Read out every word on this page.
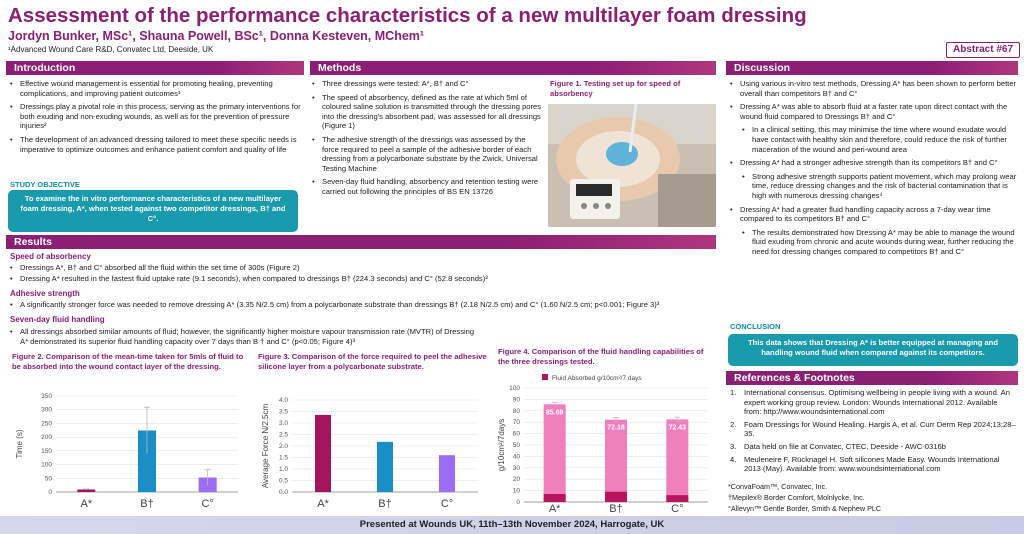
Assessment of the performance characteristics of a new multilayer foam dressing
Jordyn Bunker, MSc¹, Shauna Powell, BSc¹, Donna Kesteven, MChem¹
¹Advanced Wound Care R&D, Convatec Ltd, Deeside, UK	Abstract #67
Introduction
• Effective wound management is essential for promoting healing, preventing complications, and improving patient outcomes¹
• Dressings play a pivotal role in this process, serving as the primary interventions for both exuding and non-exuding wounds, as well as for the prevention of pressure injuries²
• The development of an advanced dressing tailored to meet these specific needs is imperative to optimize outcomes and enhance patient comfort and quality of life
STUDY OBJECTIVE
To examine the in vitro performance characteristics of a new multilayer foam dressing, A*, when tested against two competitor dressings, B† and C°.
Methods
• Three dressings were tested: A*, B† and C°
• The speed of absorbency, defined as the rate at which 5ml of coloured saline solution is transmitted through the dressing pores into the dressing's absorbent pad, was assessed for all dressings (Figure 1)
• The adhesive strength of the dressings was assessed by the force required to peel a sample of the adhesive border of each dressing from a polycarbonate substrate by the Zwick, Universal Testing Machine
• Seven-day fluid handling, absorbency and retention testing were carried out following the principles of BS EN 13726
Figure 1. Testing set up for speed of absorbency
Discussion
• Using various in-vitro test methods, Dressing A* has been shown to perform better overall than competitors B† and C°
• Dressing A* was able to absorb fluid at a faster rate upon direct contact with the wound fluid compared to Dressings B† and C°
• In a clinical setting, this may minimise the time where wound exudate would have contact with healthy skin and therefore, could reduce the risk of further maceration of the wound and peri-wound area
• Dressing A* had a stronger adhesive strength than its competitors B† and C°
• Strong adhesive strength supports patient movement, which may prolong wear time, reduce dressing changes and the risk of bacterial contamination that is high with numerous dressing changes⁴
• Dressing A* had a greater fluid handling capacity across a 7-day wear time compared to its competitors B† and C°
• The results demonstrated how Dressing A* may be able to manage the wound fluid exuding from chronic and acute wounds during wear, further reducing the need for dressing changes compared to competitors B† and C°
CONCLUSION
This data shows that Dressing A* is better equipped at managing and handling wound fluid when compared against its competitors.
References & Footnotes
1. International consensus. Optimising wellbeing in people living with a wound. An expert working group review. London: Wounds International 2012. Available from: http://www.woundsinternational.com
2. Foam Dressings for Wound Healing. Hargis A, et al. Curr Derm Rep 2024;13:28–35.
3. Data held on file at Convatec, CTEC, Deeside - AWC-0316b
4. Meuleneire F, Rücknagel H. Soft silicones Made Easy. Wounds International 2013 (May). Available from: www.woundsinternational.com
*ConvaFoam™, Convatec, Inc.
†Mepilex® Border Comfort, Molnlycke, Inc.
°Allevyn™ Gentle Border, Smith & Nephew PLC
Results
Speed of absorbency
• Dressings A*, B† and C° absorbed all the fluid within the set time of 300s (Figure 2)
• Dressing A* resulted in the fastest fluid uptake rate (9.1 seconds), when compared to dressings B† (224.3 seconds) and C° (52.8 seconds)³
Adhesive strength
• A significantly stronger force was needed to remove dressing A* (3.35 N/2.5 cm) from a polycarbonate substrate than dressings B† (2.18 N/2.5 cm) and C° (1.60 N/2.5 cm; p<0.001; Figure 3)³
Seven-day fluid handling
• All dressings absorbed similar amounts of fluid; however, the significantly higher moisture vapour transmission rate (MVTR) of Dressing A* demonstrated its superior fluid handling capacity over 7 days than B † and C° (p<0.05; Figure 4)³
Figure 2. Comparison of the mean-time taken for 5mls of fluid to be absorbed into the wound contact layer of the dressing.
Figure 3. Comparison of the force required to peel the adhesive silicone layer from a polycarbonate substrate.
Figure 4. Comparison of the fluid handling capabilities of the three dressings tested.
0
50
100
150
200
250
300
350
Time (s)
A*	B†	C°
0.0
0.5
1.0
1.5
2.0
2.5
3.0
3.5
4.0
Average Force N/2.5cm
A*	B†	C°	0
10
20
30
40
50
60
70
80
90
100
g/10cm²/7days
85.69
A*
72.18
B†
72.43
C°
Fluid Absorbed g/10cm²/7 days
Presented at Wounds UK, 11th–13th November 2024, Harrogate, UK
